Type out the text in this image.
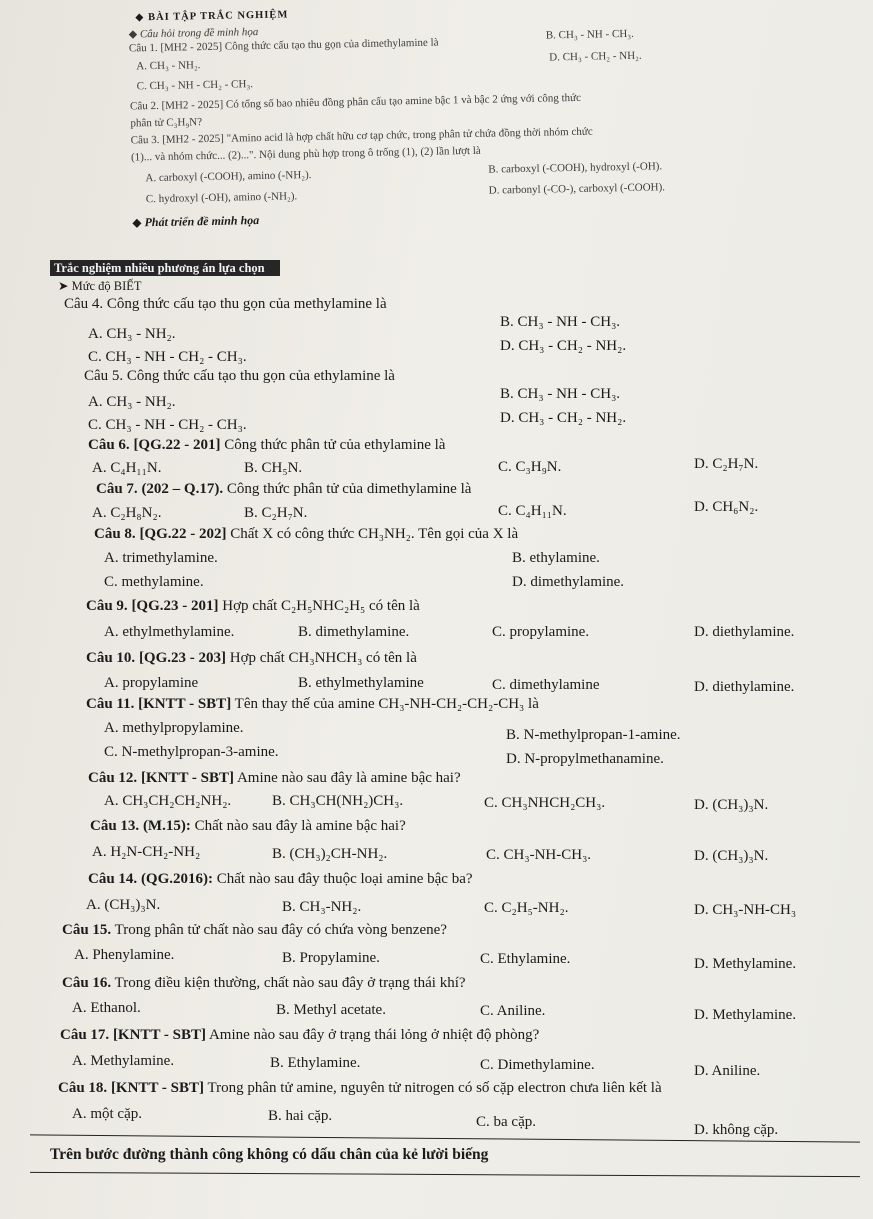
◆ BÀI TẬP TRẮC NGHIỆM
◆ Câu hỏi trong đề minh họa
Câu 1. [MH2 - 2025] Công thức cấu tạo thu gọn của dimethylamine là
B. CH₃ - NH - CH₃.
A. CH₃ - NH₂.
D. CH₃ - CH₂ - NH₂.
C. CH₃ - NH - CH₂ - CH₃.
Câu 2. [MH2 - 2025] Có tổng số bao nhiêu đồng phân cấu tạo amine bậc 1 và bậc 2 ứng với công thức
phân tử C₃H₉N?
Câu 3. [MH2 - 2025] "Amino acid là hợp chất hữu cơ tạp chức, trong phân tử chứa đồng thời nhóm chức
(1)... và nhóm chức... (2)...". Nội dung phù hợp trong ô trống (1), (2) lần lượt là
A. carboxyl (-COOH), amino (-NH₂).
B. carboxyl (-COOH), hydroxyl (-OH).
C. hydroxyl (-OH), amino (-NH₂).
D. carbonyl (-CO-), carboxyl (-COOH).
◆ Phát triển đề minh họa
Trắc nghiệm nhiều phương án lựa chọn
➤ Mức độ BIẾT
Câu 4. Công thức cấu tạo thu gọn của methylamine là
A. CH₃ - NH₂.
B. CH₃ - NH - CH₃.
C. CH₃ - NH - CH₂ - CH₃.
D. CH₃ - CH₂ - NH₂.
Câu 5. Công thức cấu tạo thu gọn của ethylamine là
A. CH₃ - NH₂.	B. CH₃ - NH - CH₃.
C. CH₃ - NH - CH₂ - CH₃.	D. CH₃ - CH₂ - NH₂.
Câu 6. [QG.22 - 201] Công thức phân tử của ethylamine là
A. C₄H₁₁N.	B. CH₅N.	C. C₃H₉N.	D. C₂H₇N.
Câu 7. (202 – Q.17). Công thức phân tử của dimethylamine là
A. C₂H₈N₂.	B. C₂H₇N.	C. C₄H₁₁N.	D. CH₆N₂.
Câu 8. [QG.22 - 202] Chất X có công thức CH₃NH₂. Tên gọi của X là
A. trimethylamine.	B. ethylamine.
C. methylamine.	D. dimethylamine.
Câu 9. [QG.23 - 201] Hợp chất C₂H₅NHC₂H₅ có tên là
A. ethylmethylamine.	B. dimethylamine.	C. propylamine.	D. diethylamine.
Câu 10. [QG.23 - 203] Hợp chất CH₃NHCH₃ có tên là
A. propylamine	B. ethylmethylamine	C. dimethylamine	D. diethylamine.
Câu 11. [KNTT - SBT] Tên thay thế của amine CH₃-NH-CH₂-CH₂-CH₃ là
A. methylpropylamine.	B. N-methylpropan-1-amine.
C. N-methylpropan-3-amine.	D. N-propylmethanamine.
Câu 12. [KNTT - SBT] Amine nào sau đây là amine bậc hai?
A. CH₃CH₂CH₂NH₂.	B. CH₃CH(NH₂)CH₃.	C. CH₃NHCH₂CH₃.	D. (CH₃)₃N.
Câu 13. (M.15): Chất nào sau đây là amine bậc hai?
A. H₂N-CH₂-NH₂	B. (CH₃)₂CH-NH₂.	C. CH₃-NH-CH₃.	D. (CH₃)₃N.
Câu 14. (QG.2016): Chất nào sau đây thuộc loại amine bậc ba?
A. (CH₃)₃N.	B. CH₃-NH₂.	C. C₂H₅-NH₂.	D. CH₃-NH-CH₃
Câu 15. Trong phân tử chất nào sau đây có chứa vòng benzene?
A. Phenylamine.	B. Propylamine.	C. Ethylamine.	D. Methylamine.
Câu 16. Trong điều kiện thường, chất nào sau đây ở trạng thái khí?
A. Ethanol.	B. Methyl acetate.	C. Aniline.	D. Methylamine.
Câu 17. [KNTT - SBT] Amine nào sau đây ở trạng thái lỏng ở nhiệt độ phòng?
A. Methylamine.	B. Ethylamine.	C. Dimethylamine.	D. Aniline.
Câu 18. [KNTT - SBT] Trong phân tử amine, nguyên tử nitrogen có số cặp electron chưa liên kết là
A. một cặp.	B. hai cặp.	C. ba cặp.	D. không cặp.
Trên bước đường thành công không có dấu chân của kẻ lười biếng
